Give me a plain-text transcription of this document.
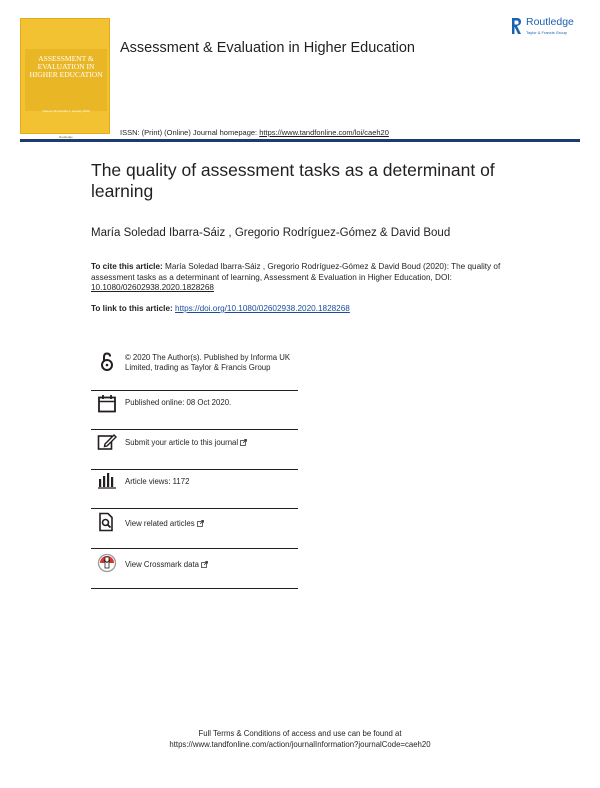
ASSESSMENT & EVALUATION IN HIGHER EDUCATION
Volume 45 Number 1 January 2020
Routledge
Assessment & Evaluation in Higher Education
Routledge
Taylor & Francis Group
ISSN: (Print) (Online) Journal homepage: https://www.tandfonline.com/loi/caeh20
The quality of assessment tasks as a determinant of learning
María Soledad Ibarra-Sáiz , Gregorio Rodríguez-Gómez & David Boud
To cite this article: María Soledad Ibarra-Sáiz , Gregorio Rodríguez-Gómez & David Boud (2020): The quality of assessment tasks as a determinant of learning, Assessment & Evaluation in Higher Education, DOI: 10.1080/02602938.2020.1828268
To link to this article: https://doi.org/10.1080/02602938.2020.1828268
© 2020 The Author(s). Published by Informa UK Limited, trading as Taylor & Francis Group
Published online: 08 Oct 2020.
Submit your article to this journal
Article views: 1172
View related articles
View Crossmark data
Full Terms & Conditions of access and use can be found at
https://www.tandfonline.com/action/journalInformation?journalCode=caeh20
